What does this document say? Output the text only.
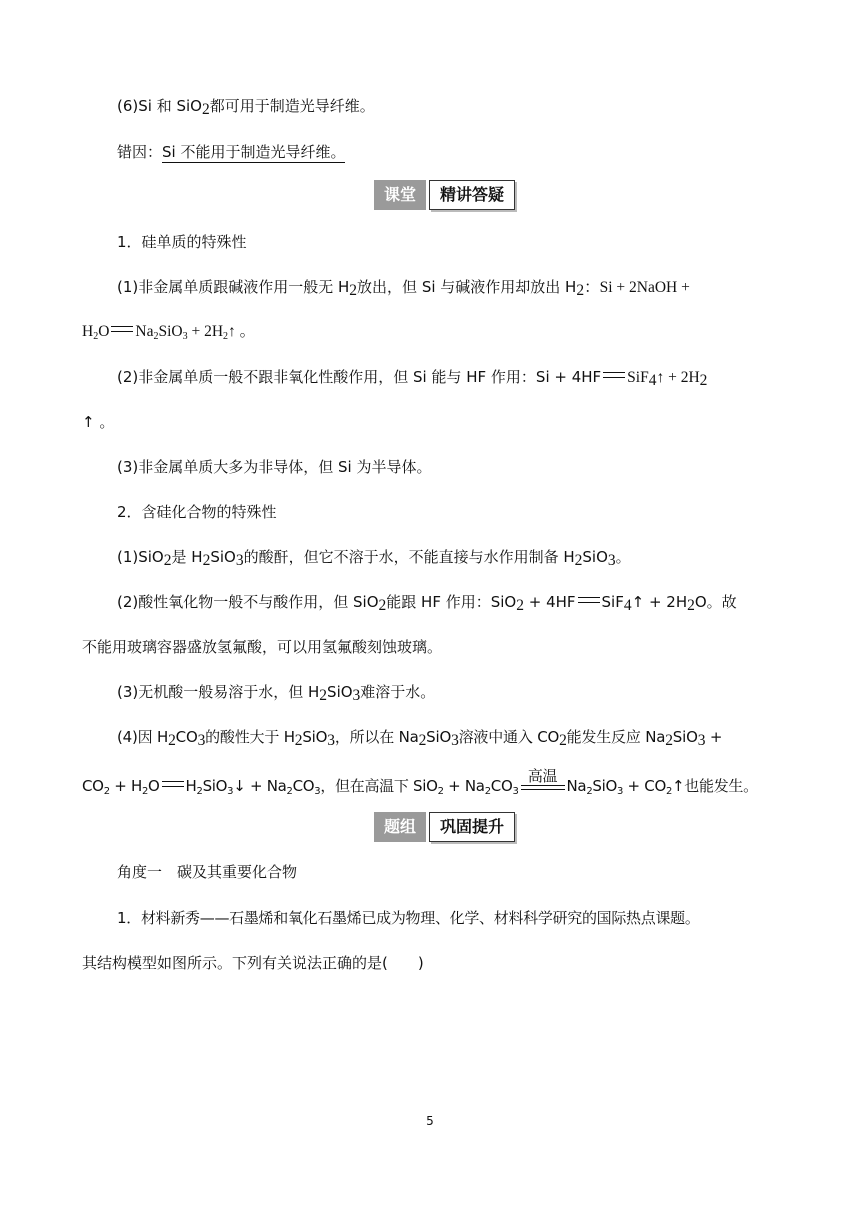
(6)Si 和 SiO$_2$都可用于制造光导纤维。
错因：Si 不能用于制造光导纤维。
课堂	精讲答疑
1．硅单质的特殊性
(1)非金属单质跟碱液作用一般无 $H_2$放出，但 Si 与碱液作用却放出 $H_2$：Si + 2NaOH +
$H_2O$ $Na_2SiO_3$ + $2H_2↑$ 。
(2)非金属单质一般不跟非氧化性酸作用，但 Si 能与 HF 作用：Si + 4HF SiF$_4$↑ + $2H_2$
↑ 。
(3)非金属单质大多为非导体，但 Si 为半导体。
2．含硅化合物的特殊性
(1)SiO$_2$是 $H_2SiO_3$的酸酐，但它不溶于水，不能直接与水作用制备 $H_2SiO_3$。
(2)酸性氧化物一般不与酸作用，但 SiO$_2$能跟 HF 作用：SiO$_2$ + 4HF SiF$_4$↑ + $2H_2O$。故
不能用玻璃容器盛放氢氟酸，可以用氢氟酸刻蚀玻璃。
(3)无机酸一般易溶于水，但 $H_2SiO_3$难溶于水。
(4)因 $H_2CO_3$的酸性大于 $H_2SiO_3$，所以在 $Na_2SiO_3$溶液中通入 $CO_2$能发生反应 $Na_2SiO_3$ +
$CO_2 + H_2O$ $H_2SiO_3↓ + Na_2CO_3$，但在高温下 $SiO_2 + Na_2CO_3$
高温
$Na_2SiO_3$ + $CO_2↑$也能发生。
题组	巩固提升
角度一　碳及其重要化合物
1．材料新秀——石墨烯和氧化石墨烯已成为物理、化学、材料科学研究的国际热点课题。
其结构模型如图所示。下列有关说法正确的是(　　)
5
